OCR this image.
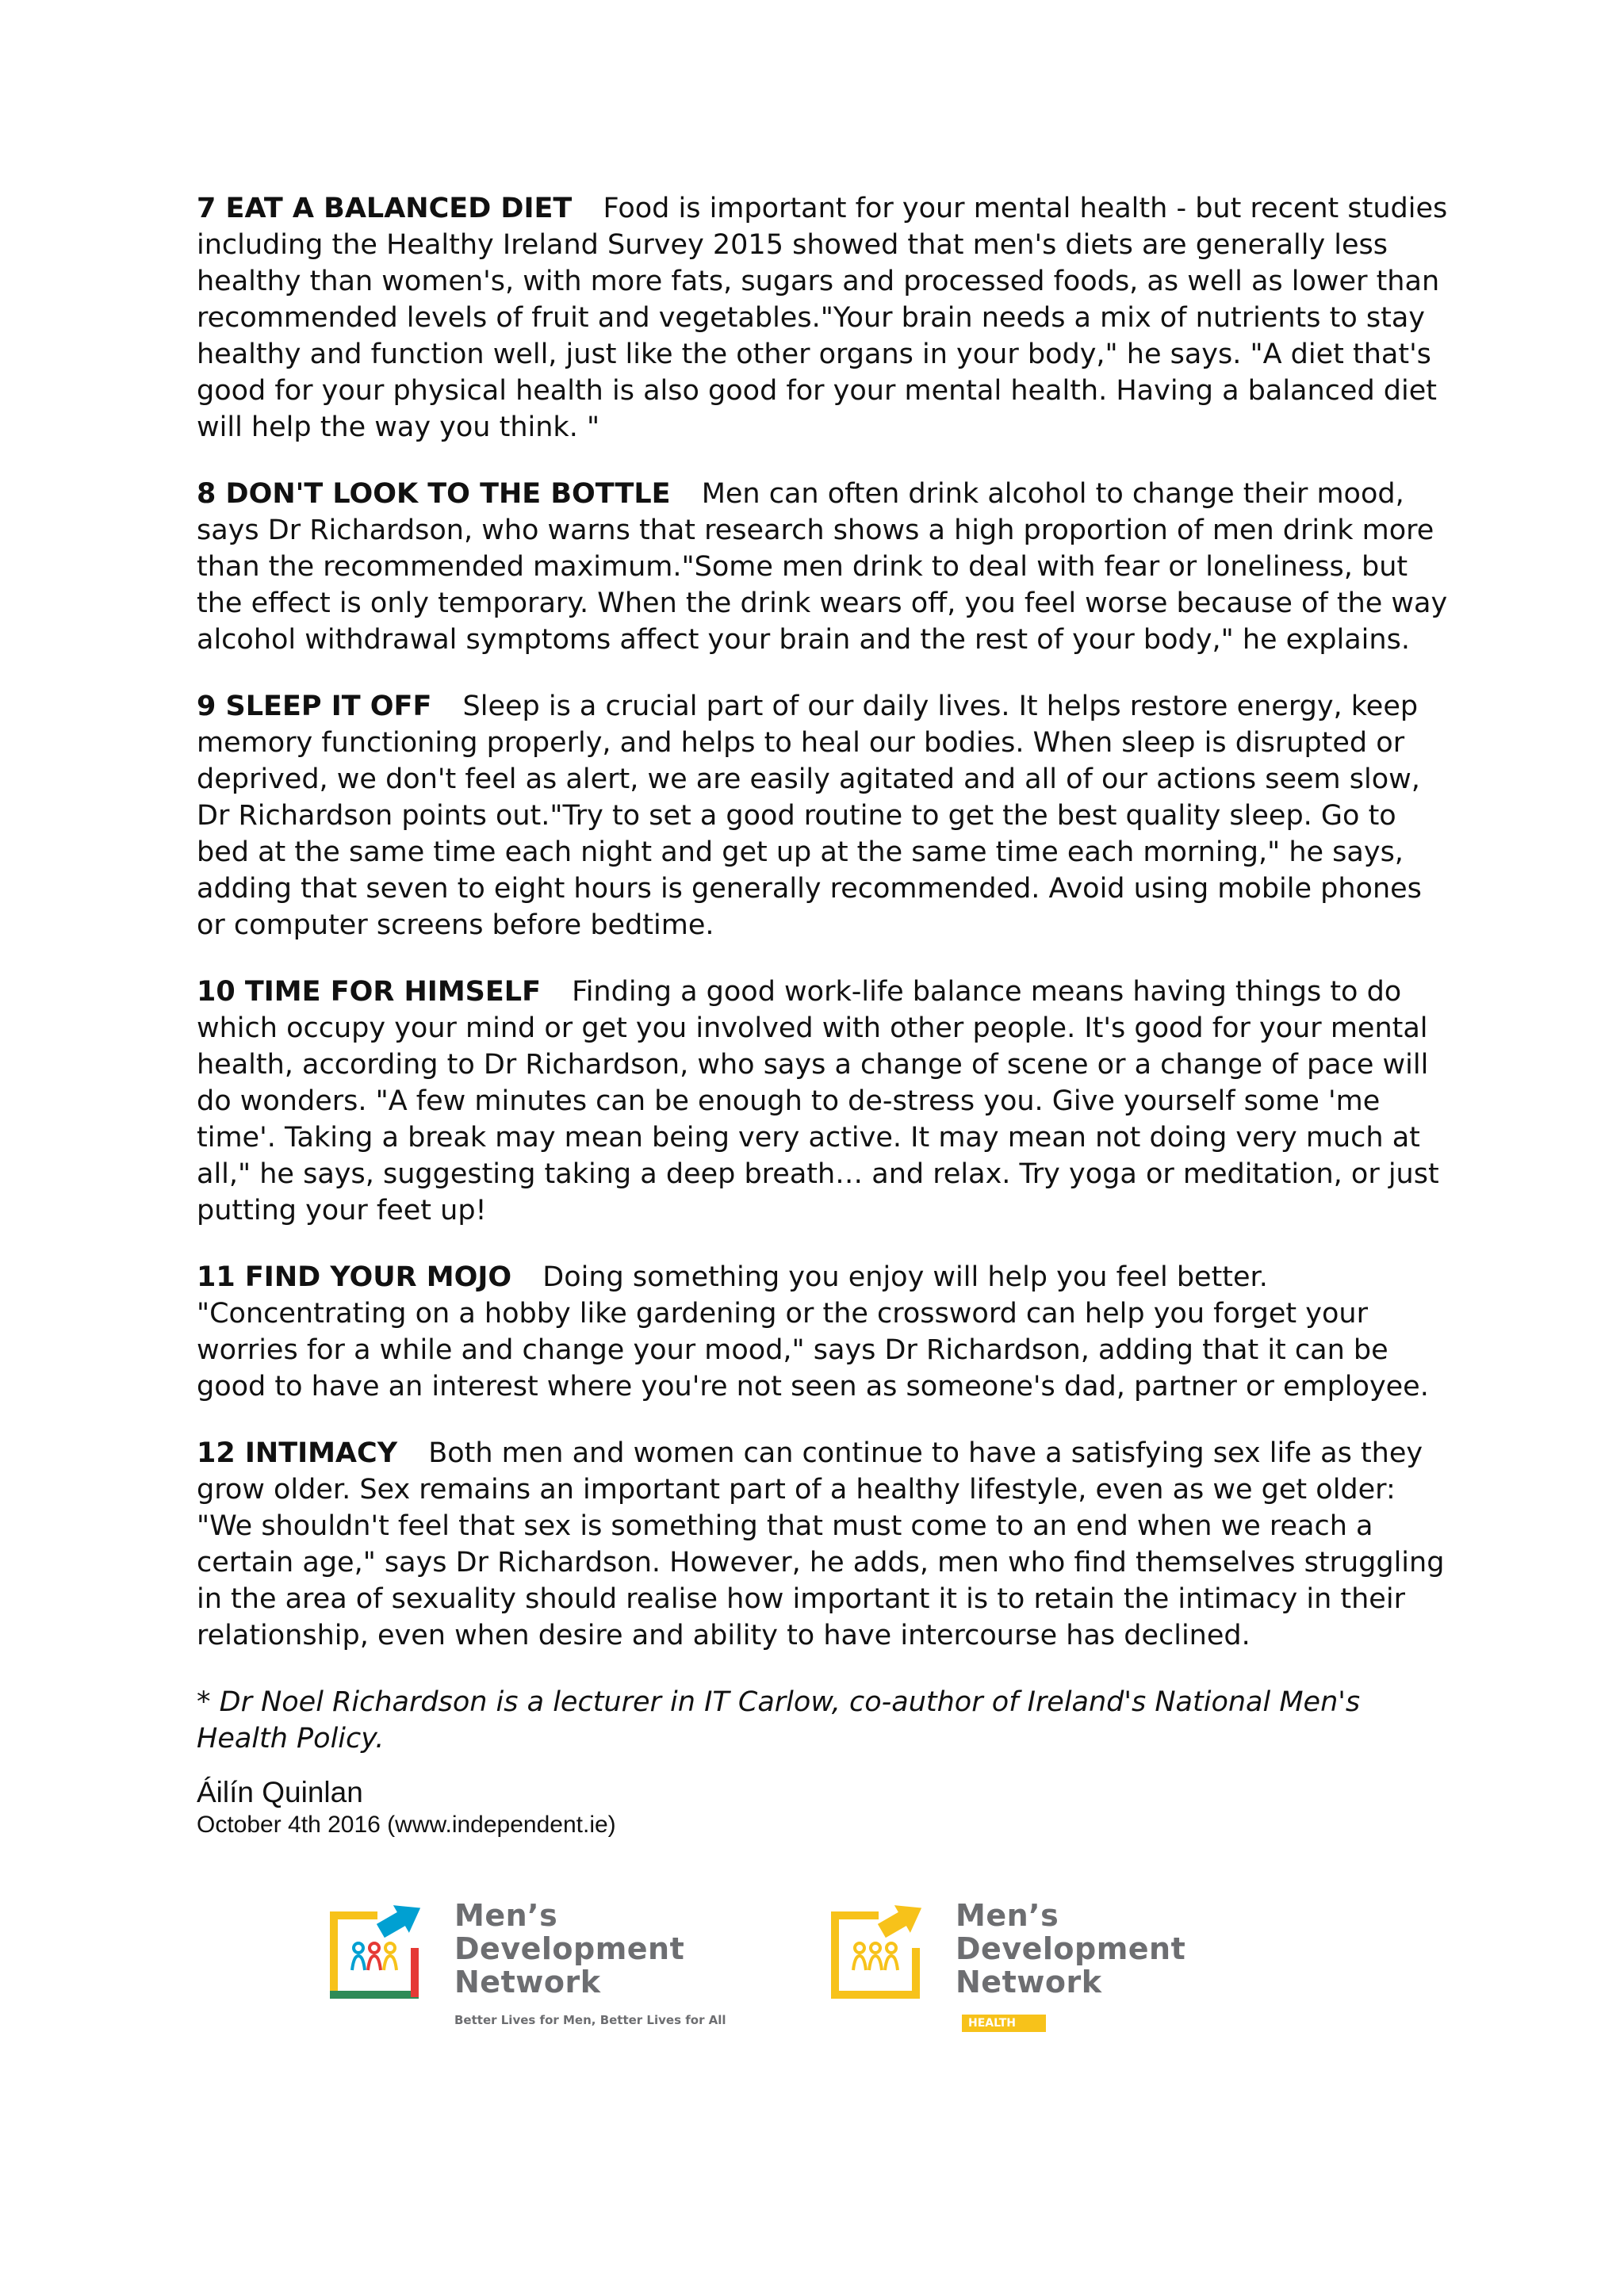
7 EAT A BALANCED DIET Food is important for your mental health - but recent studies including the Healthy Ireland Survey 2015 showed that men's diets are generally less healthy than women's, with more fats, sugars and processed foods, as well as lower than recommended levels of fruit and vegetables."Your brain needs a mix of nutrients to stay healthy and function well, just like the other organs in your body," he says. "A diet that's good for your physical health is also good for your mental health. Having a balanced diet will help the way you think. "

8 DON'T LOOK TO THE BOTTLE Men can often drink alcohol to change their mood, says Dr Richardson, who warns that research shows a high proportion of men drink more than the recommended maximum."Some men drink to deal with fear or loneliness, but the effect is only temporary. When the drink wears off, you feel worse because of the way alcohol withdrawal symptoms affect your brain and the rest of your body," he explains.

9 SLEEP IT OFF Sleep is a crucial part of our daily lives. It helps restore energy, keep memory functioning properly, and helps to heal our bodies. When sleep is disrupted or deprived, we don't feel as alert, we are easily agitated and all of our actions seem slow, Dr Richardson points out."Try to set a good routine to get the best quality sleep. Go to bed at the same time each night and get up at the same time each morning," he says, adding that seven to eight hours is generally recommended. Avoid using mobile phones or computer screens before bedtime.

10 TIME FOR HIMSELF Finding a good work-life balance means having things to do which occupy your mind or get you involved with other people. It's good for your mental health, according to Dr Richardson, who says a change of scene or a change of pace will do wonders. "A few minutes can be enough to de-stress you. Give yourself some 'me time'. Taking a break may mean being very active. It may mean not doing very much at all," he says, suggesting taking a deep breath… and relax. Try yoga or meditation, or just putting your feet up!

11 FIND YOUR MOJO Doing something you enjoy will help you feel better. "Concentrating on a hobby like gardening or the crossword can help you forget your worries for a while and change your mood," says Dr Richardson, adding that it can be good to have an interest where you're not seen as someone's dad, partner or employee.

12 INTIMACY Both men and women can continue to have a satisfying sex life as they grow older. Sex remains an important part of a healthy lifestyle, even as we get older: "We shouldn't feel that sex is something that must come to an end when we reach a certain age," says Dr Richardson. However, he adds, men who find themselves struggling in the area of sexuality should realise how important it is to retain the intimacy in their relationship, even when desire and ability to have intercourse has declined.

* Dr Noel Richardson is a lecturer in IT Carlow, co-author of Ireland's National Men's Health Policy.

Áilín Quinlan

October 4th 2016 (www.independent.ie)

Men’s
Development
Network
Better Lives for Men, Better Lives for All
Men’s
Development
Network
HEALTH
